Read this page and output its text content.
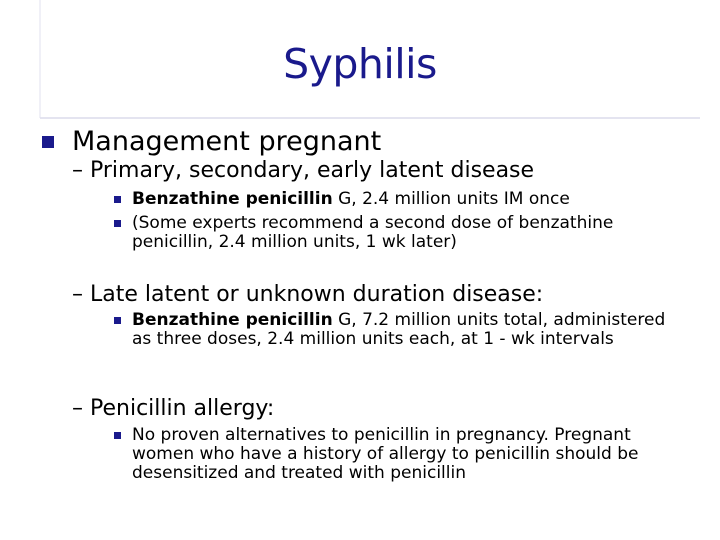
Syphilis
Management pregnant
– Primary, secondary, early latent disease
Benzathine penicillin G, 2.4 million units IM once
(Some experts recommend a second dose of benzathine penicillin, 2.4 million units, 1 wk later)
– Late latent or unknown duration disease:
Benzathine penicillin G, 7.2 million units total, administered as three doses, 2.4 million units each, at 1 - wk intervals
– Penicillin allergy:
No proven alternatives to penicillin in pregnancy. Pregnant women who have a history of allergy to penicillin should be desensitized and treated with penicillin
